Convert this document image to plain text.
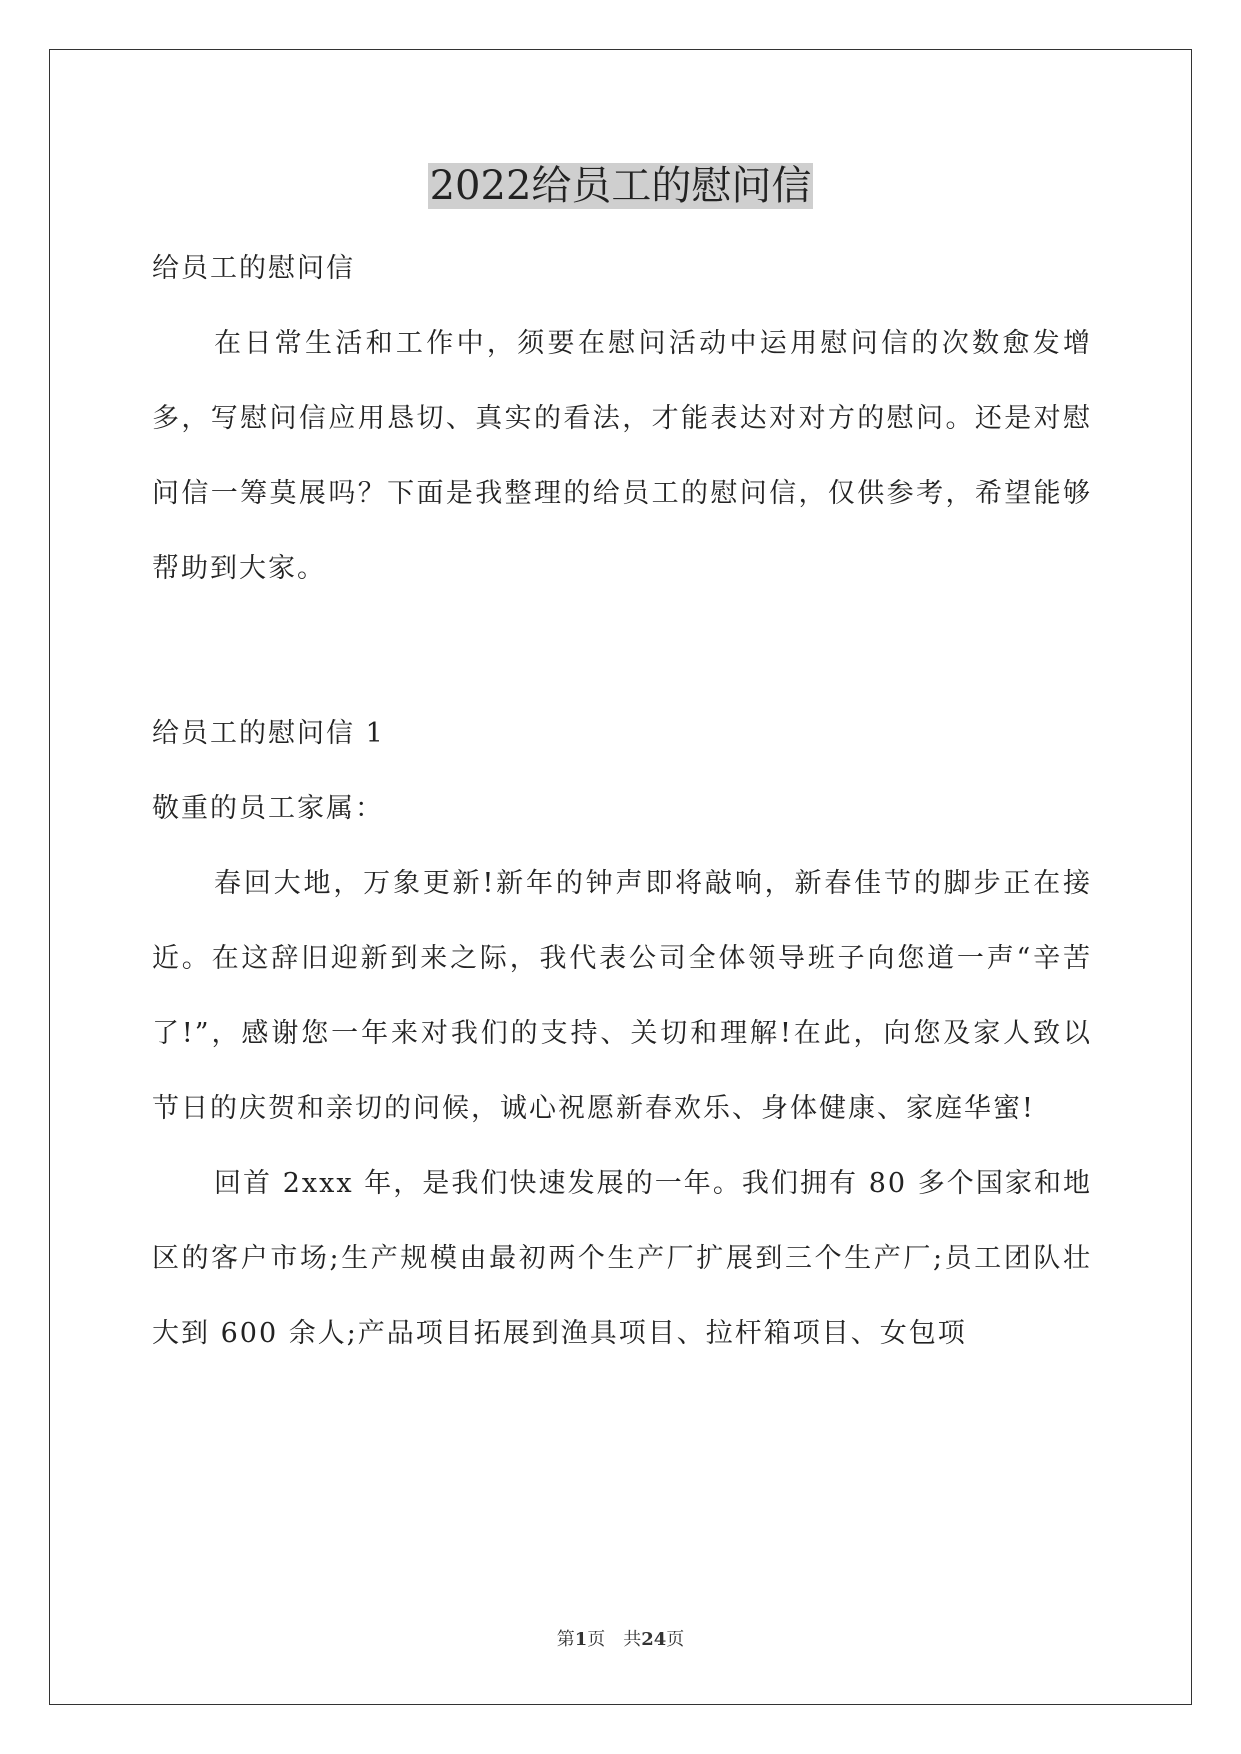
2022给员工的慰问信

给员工的慰问信

在日常生活和工作中，须要在慰问活动中运用慰问信的次数愈发增多，写慰问信应用恳切、真实的看法，才能表达对对方的慰问。还是对慰问信一筹莫展吗？下面是我整理的给员工的慰问信，仅供参考，希望能够帮助到大家。

给员工的慰问信 1

敬重的员工家属：

春回大地，万象更新!新年的钟声即将敲响，新春佳节的脚步正在接近。在这辞旧迎新到来之际，我代表公司全体领导班子向您道一声“辛苦了!”，感谢您一年来对我们的支持、关切和理解!在此，向您及家人致以节日的庆贺和亲切的问候，诚心祝愿新春欢乐、身体健康、家庭华蜜!

回首 2xxx 年，是我们快速发展的一年。我们拥有 80 多个国家和地区的客户市场;生产规模由最初两个生产厂扩展到三个生产厂;员工团队壮大到 600 余人;产品项目拓展到渔具项目、拉杆箱项目、女包项

第1页 共24页
